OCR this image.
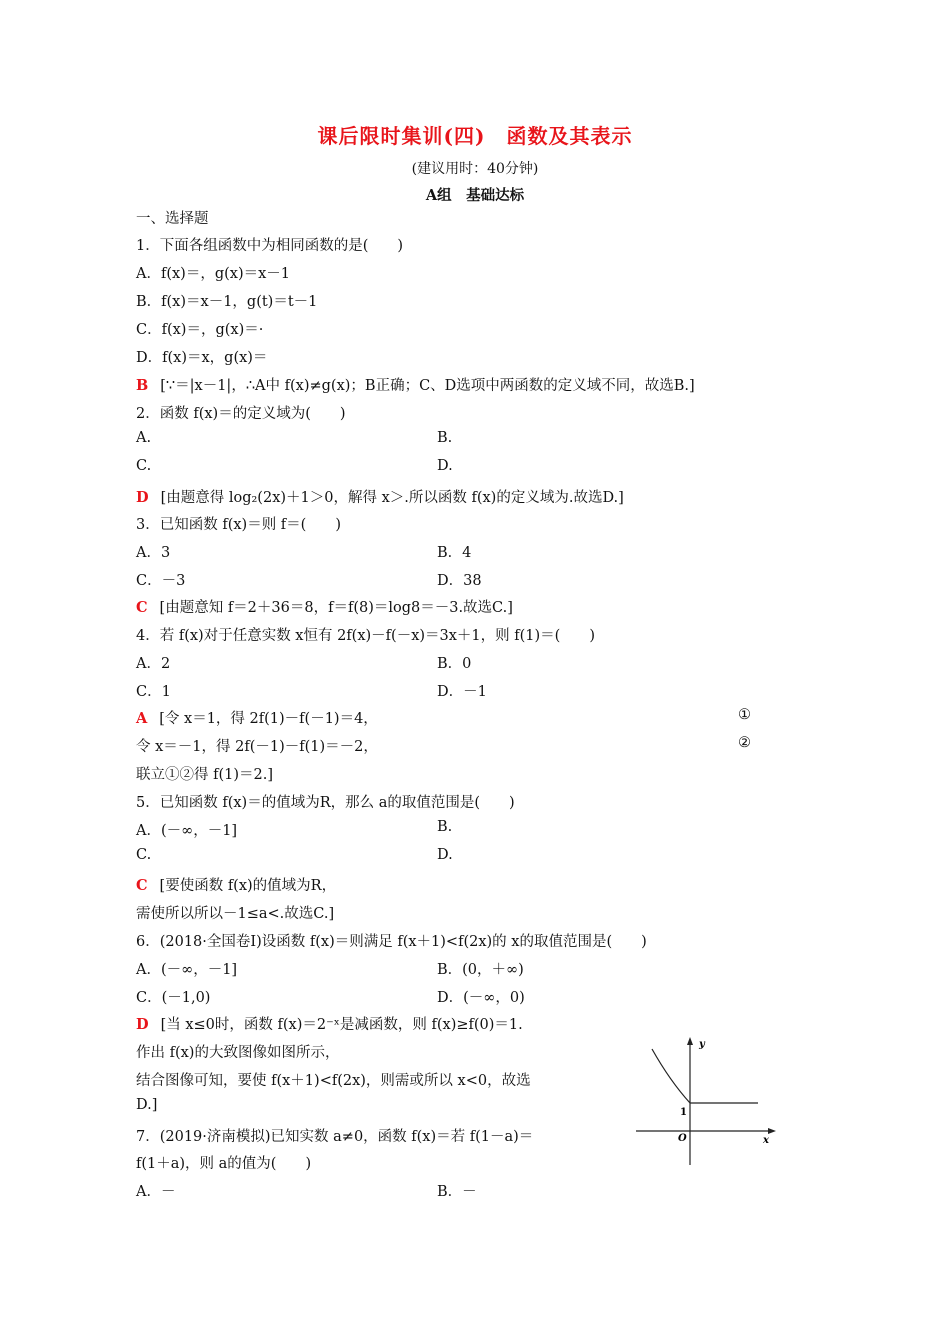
课后限时集训(四)　函数及其表示
(建议用时：40分钟)
A组　基础达标
一、选择题
1．下面各组函数中为相同函数的是(　　)
A．f(x)＝，g(x)＝x－1
B．f(x)＝x－1，g(t)＝t－1
C．f(x)＝，g(x)＝·
D．f(x)＝x，g(x)＝
B [∵＝|x－1|，∴A中 f(x)≠g(x)；B正确；C、D选项中两函数的定义域不同，故选B.]
2．函数 f(x)＝的定义域为(　　)
A.	B.
C.	D.
D [由题意得 log₂(2x)＋1＞0，解得 x＞.所以函数 f(x)的定义域为.故选D.]
3．已知函数 f(x)＝则 f＝(　　)
A．3	B．4
C．－3	D．38
C [由题意知 f＝2＋36＝8，f＝f(8)＝log8＝－3.故选C.]
4．若 f(x)对于任意实数 x恒有 2f(x)－f(－x)＝3x＋1，则 f(1)＝(　　)
A．2	B．0
C．1	D．－1
A [令 x＝1，得 2f(1)－f(－1)＝4，	①
令 x＝－1，得 2f(－1)－f(1)＝－2，	②
联立①②得 f(1)＝2.]
5．已知函数 f(x)＝的值域为R，那么 a的取值范围是(　　)
A．(－∞，－1]	B.
C.	D.
C [要使函数 f(x)的值域为R，
需使所以所以－1≤a<.故选C.]
6．(2018·全国卷Ⅰ)设函数 f(x)＝则满足 f(x＋1)<f(2x)的 x的取值范围是(　　)
A．(－∞，－1]	B．(0，＋∞)
C．(－1,0)	D．(－∞，0)
D [当 x≤0时，函数 f(x)＝2⁻ˣ是减函数，则 f(x)≥f(0)＝1.
作出 f(x)的大致图像如图所示，
结合图像可知，要使 f(x＋1)<f(2x)，则需或所以 x<0，故选
D.]
7．(2019·济南模拟)已知实数 a≠0，函数 f(x)＝若 f(1－a)＝
f(1＋a)，则 a的值为(　　)
A．－	B．－
y
x
1
O
